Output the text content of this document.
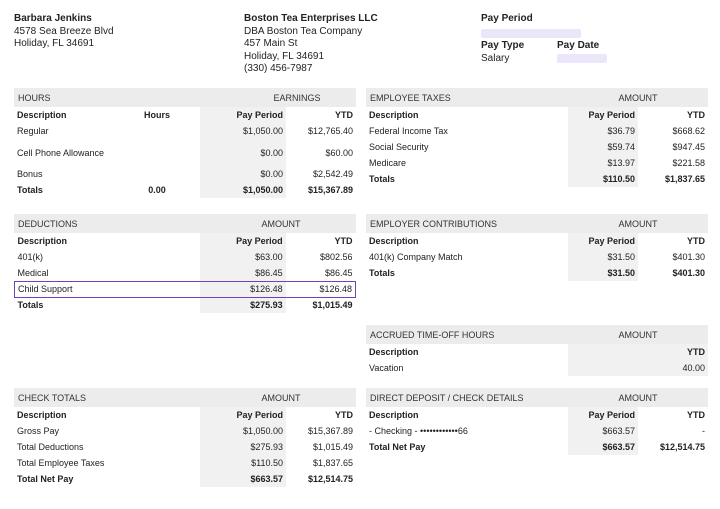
Barbara Jenkins
4578 Sea Breeze Blvd
Holiday, FL 34691
Boston Tea Enterprises LLC
DBA Boston Tea Company
457 Main St
Holiday, FL 34691
(330) 456-7987
Pay Period
Pay Type
Salary
Pay Date
HOURS	EARNINGS
Description	Hours	Pay Period	YTD
Regular		$1,050.00	$12,765.40
Cell Phone Allowance		$0.00	$60.00
Bonus		$0.00	$2,542.49
Totals	0.00	$1,050.00	$15,367.89
EMPLOYEE TAXES	AMOUNT
Description	Pay Period	YTD
Federal Income Tax	$36.79	$668.62
Social Security	$59.74	$947.45
Medicare	$13.97	$221.58
Totals	$110.50	$1,837.65
DEDUCTIONS	AMOUNT
Description	Pay Period	YTD
401(k)	$63.00	$802.56
Medical	$86.45	$86.45
Child Support	$126.48	$126.48
Totals	$275.93	$1,015.49
EMPLOYER CONTRIBUTIONS	AMOUNT
Description	Pay Period	YTD
401(k) Company Match	$31.50	$401.30
Totals	$31.50	$401.30
ACCRUED TIME-OFF HOURS	AMOUNT
Description	YTD
Vacation	40.00
CHECK TOTALS	AMOUNT
Description	Pay Period	YTD
Gross Pay	$1,050.00	$15,367.89
Total Deductions	$275.93	$1,015.49
Total Employee Taxes	$110.50	$1,837.65
Total Net Pay	$663.57	$12,514.75
DIRECT DEPOSIT / CHECK DETAILS	AMOUNT
Description	Pay Period	YTD
- Checking - ••••••••••••66	$663.57	-
Total Net Pay	$663.57	$12,514.75
